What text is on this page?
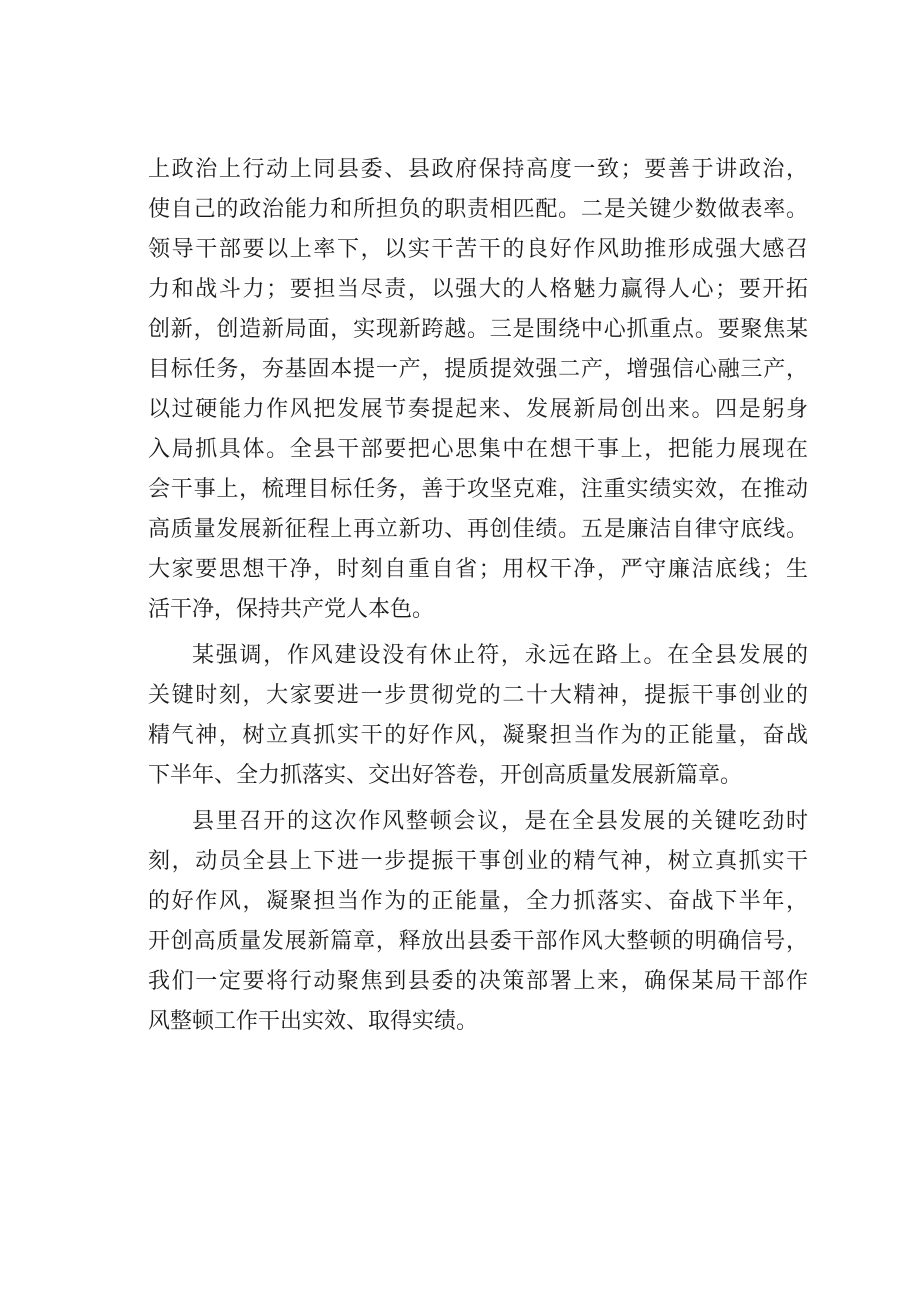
上政治上行动上同县委、县政府保持高度一致；要善于讲政治，
使自己的政治能力和所担负的职责相匹配。二是关键少数做表率。
领导干部要以上率下，以实干苦干的良好作风助推形成强大感召
力和战斗力；要担当尽责，以强大的人格魅力赢得人心；要开拓
创新，创造新局面，实现新跨越。三是围绕中心抓重点。要聚焦某
目标任务，夯基固本提一产，提质提效强二产，增强信心融三产，
以过硬能力作风把发展节奏提起来、发展新局创出来。四是躬身
入局抓具体。全县干部要把心思集中在想干事上，把能力展现在
会干事上，梳理目标任务，善于攻坚克难，注重实绩实效，在推动
高质量发展新征程上再立新功、再创佳绩。五是廉洁自律守底线。
大家要思想干净，时刻自重自省；用权干净，严守廉洁底线；生
活干净，保持共产党人本色。
某强调，作风建设没有休止符，永远在路上。在全县发展的
关键时刻，大家要进一步贯彻党的二十大精神，提振干事创业的
精气神，树立真抓实干的好作风，凝聚担当作为的正能量，奋战
下半年、全力抓落实、交出好答卷，开创高质量发展新篇章。
县里召开的这次作风整顿会议，是在全县发展的关键吃劲时
刻，动员全县上下进一步提振干事创业的精气神，树立真抓实干
的好作风，凝聚担当作为的正能量，全力抓落实、奋战下半年，
开创高质量发展新篇章，释放出县委干部作风大整顿的明确信号，
我们一定要将行动聚焦到县委的决策部署上来，确保某局干部作
风整顿工作干出实效、取得实绩。
